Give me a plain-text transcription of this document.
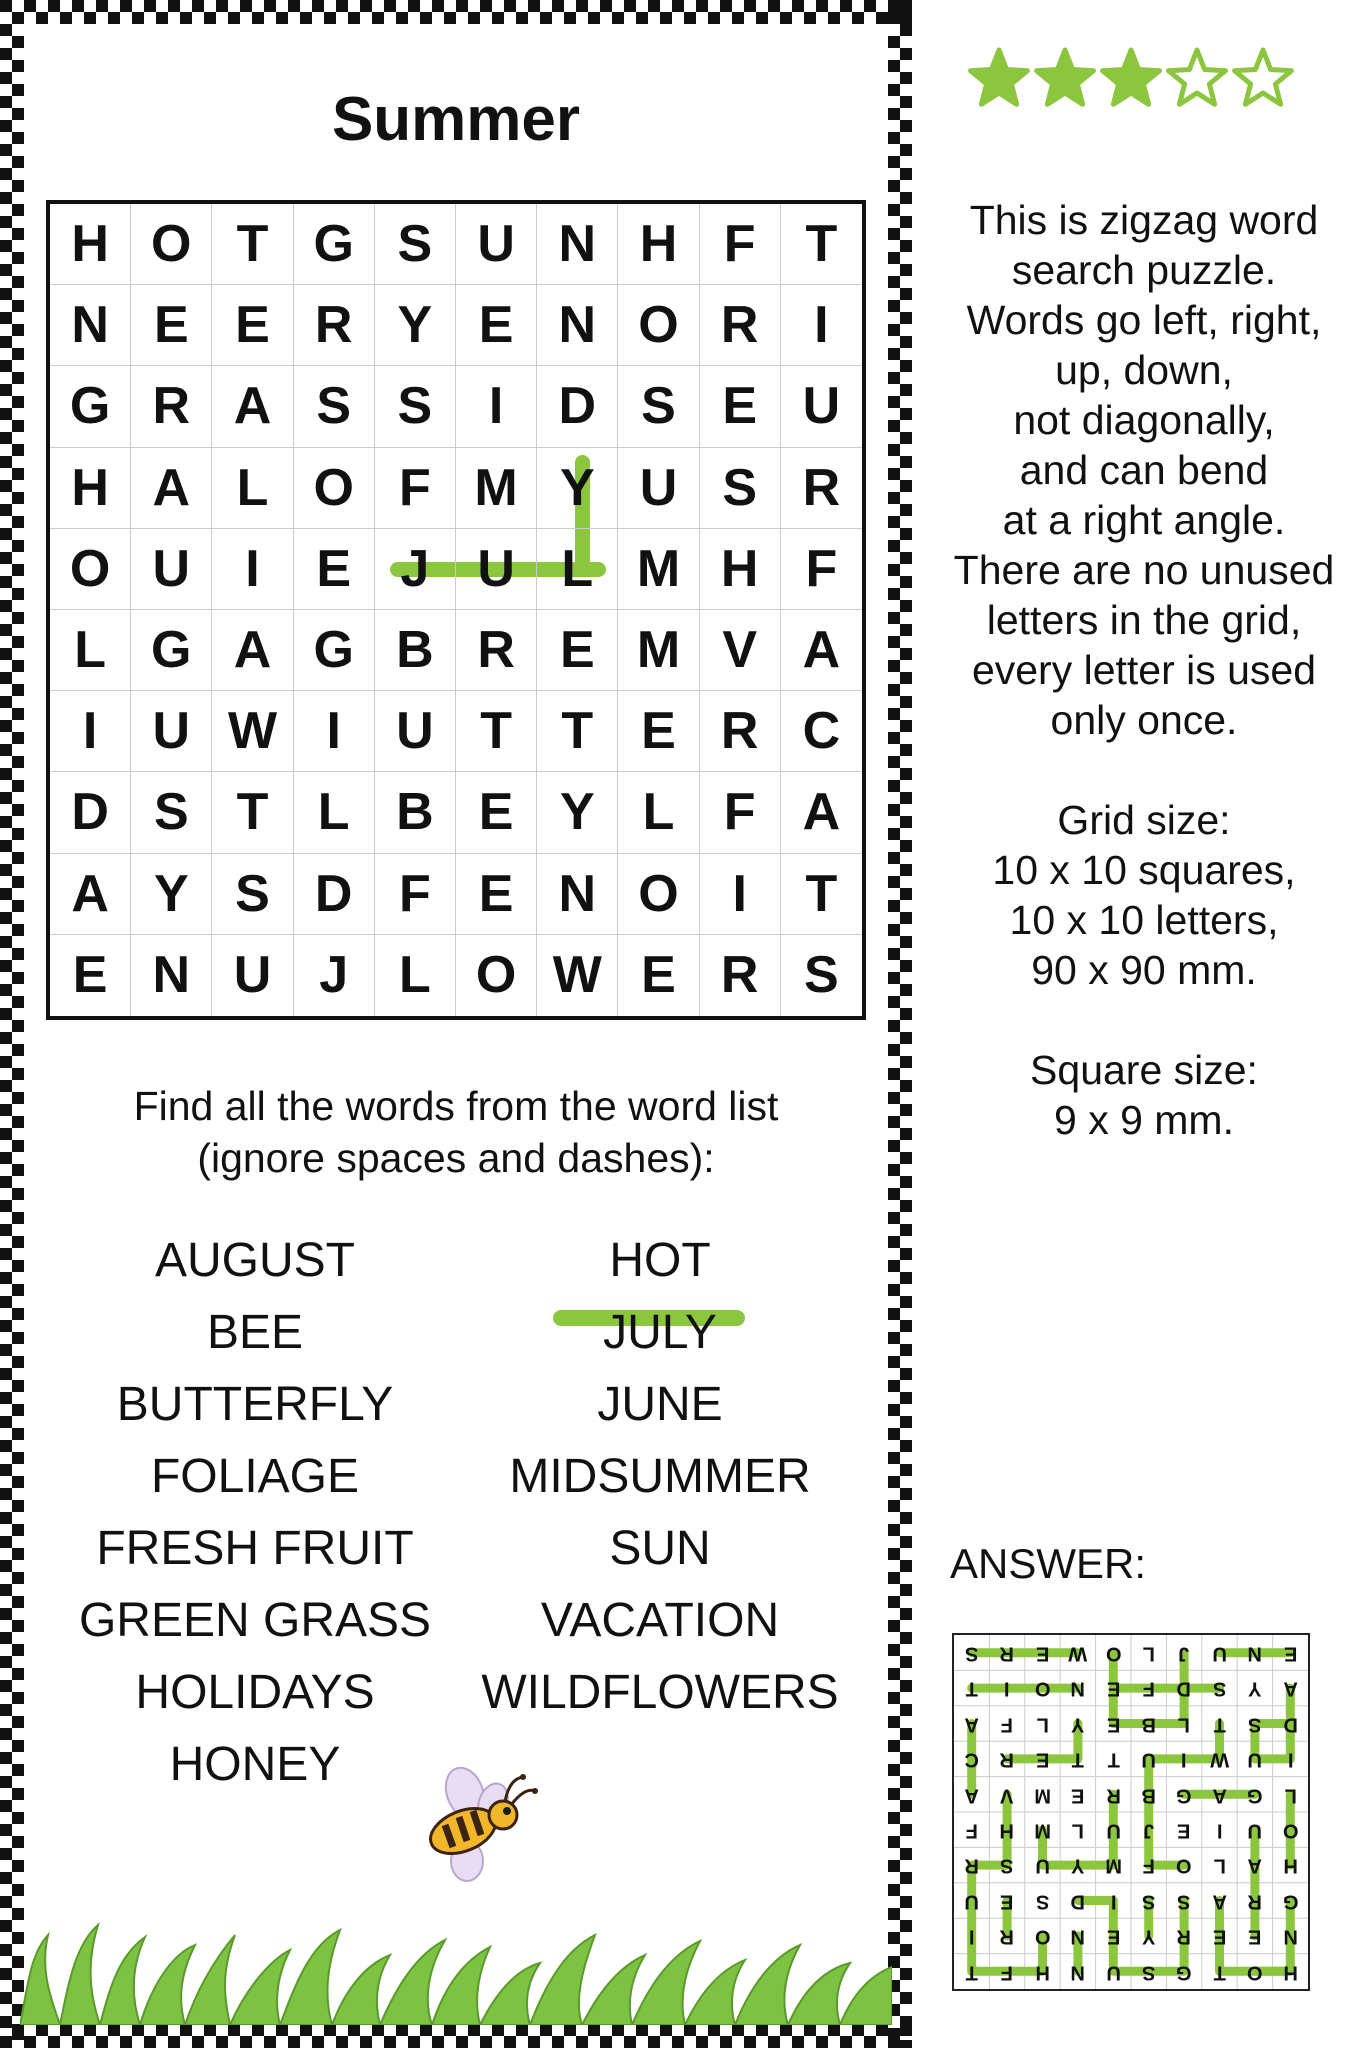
Summer
H O T G S U N H F T
N E E R Y E N O R	I
G R A S S	I	D S E U
H A L O F M Y U S R
O U	I	E J U L M H F
L G A G B R E M V A
I	U W I	U T T E R C
D S T L B E Y L F A
A Y S D F E N O	I	T
E N U J L O W E R S
Find all the words from the word list
(ignore spaces and dashes):
AUGUST
BEE
BUTTERFLY
FOLIAGE
FRESH FRUIT
GREEN GRASS
HOLIDAYS
HONEY
HOT
JULY
JUNE
MIDSUMMER
SUN
VACATION
WILDFLOWERS
This is zigzag word
search puzzle.
Words go left, right,
up, down,
not diagonally,
and can bend
at a right angle.
There are no unused
letters in the grid,
every letter is used
only once.
Grid size:
10 x 10 squares,
10 x 10 letters,
90 x 90 mm.
Square size:
9 x 9 mm.
ANSWER:
H
O
T
G
S
U
N
H
F
T
N
E
E
R
Y
E
N
O
R
I
G
R
A
S
S
I
D
S
E
U
H
A
L
O
F
M
Y
U
S
R
O
U
I
E
J
U
L
M
H
F
L
G
A
G
B
R
E
M
V
A
I
U
W
I
U
T
T
E
R
C
D
S
T
L
B
E
Y
L
F
A
A
Y
S
D
F
E
N
O
I
T
E
N
U
J
L
O
W
E
R
S
